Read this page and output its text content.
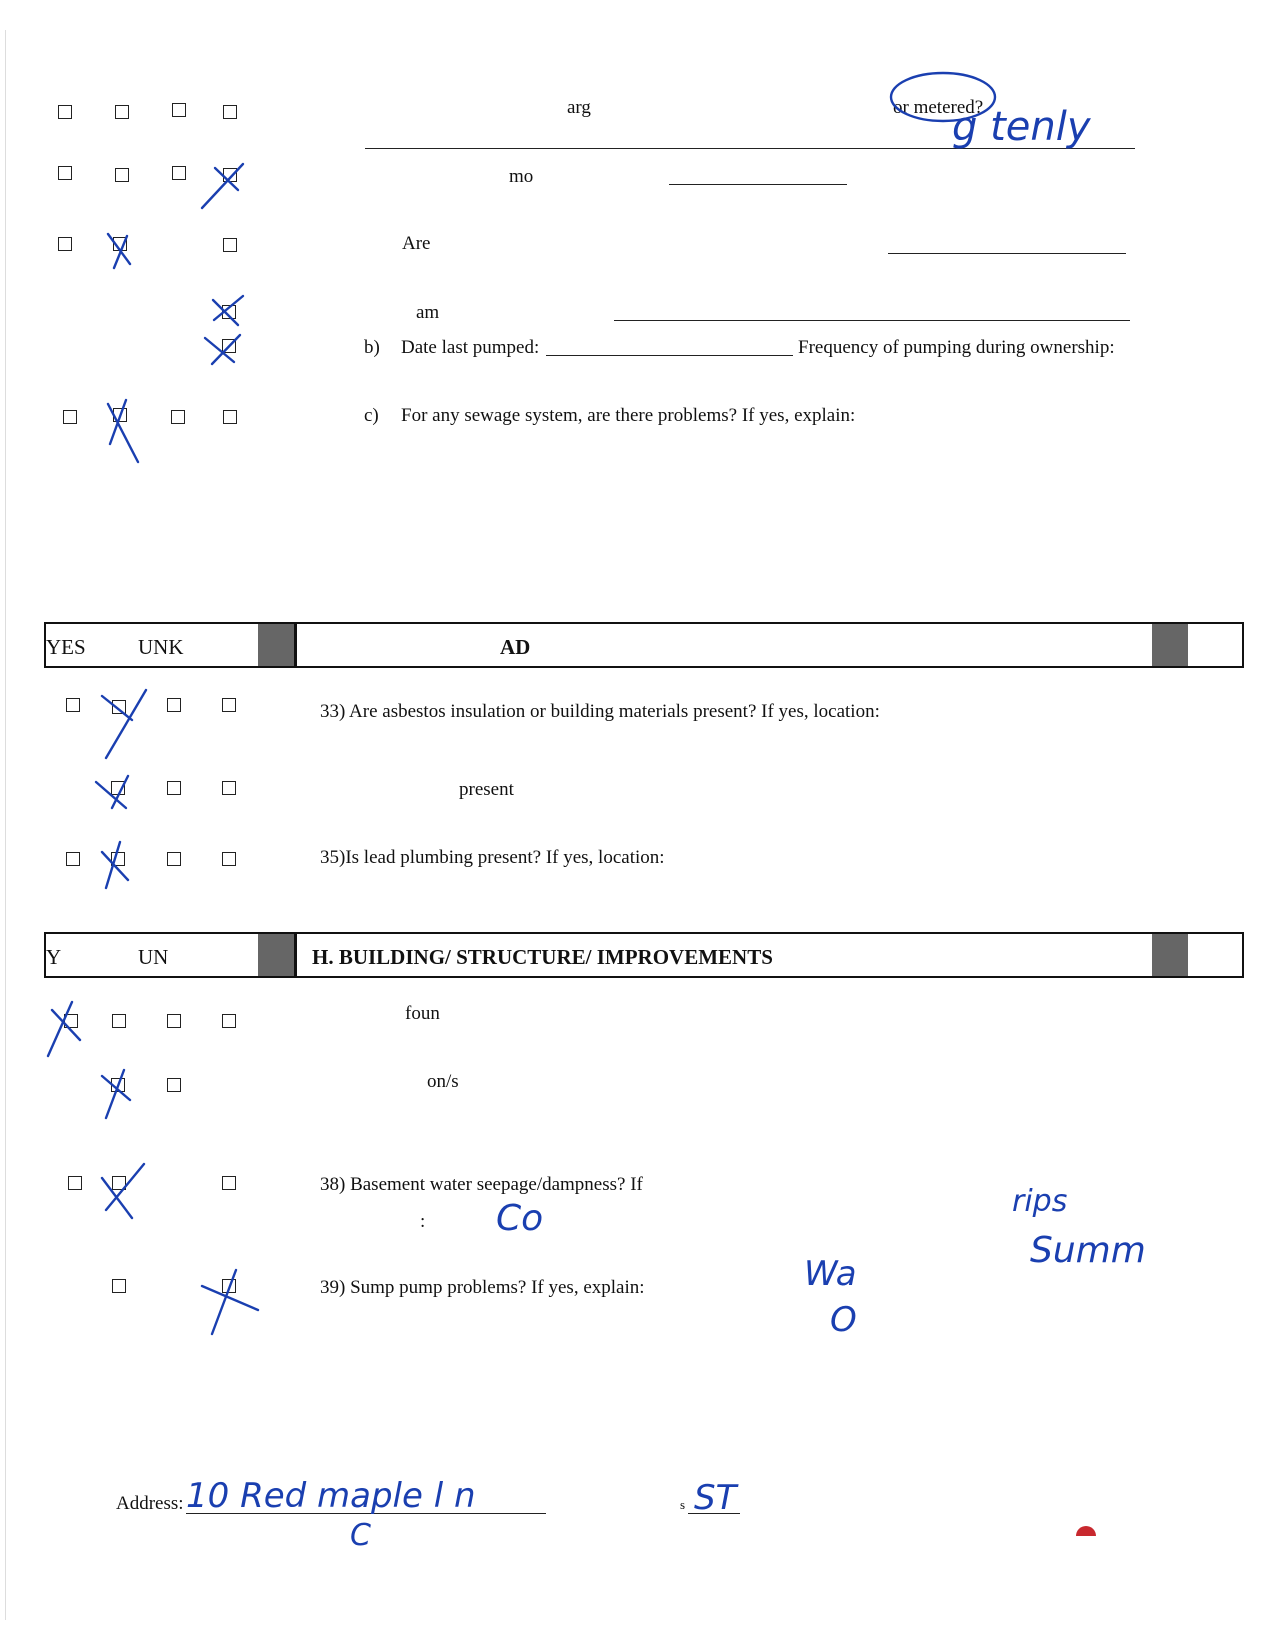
arg	or metered?
mo
Are
am
b) Date last pumped:	Frequency of pumping during ownership:
c) For any sewage system, are there problems? If yes, explain:
YES UNK	AD
33) Are asbestos insulation or building materials present? If yes, location:
present
35)Is lead plumbing present? If yes, location:
Y	UN	H. BUILDING/ STRUCTURE/ IMPROVEMENTS
foun
on/s
38) Basement water seepage/dampness? If
:
39) Sump pump problems? If yes, explain:
Address:	s
g tenly
Co	rips
Summ
Wa
O
10 Red maple l n
C
ST
